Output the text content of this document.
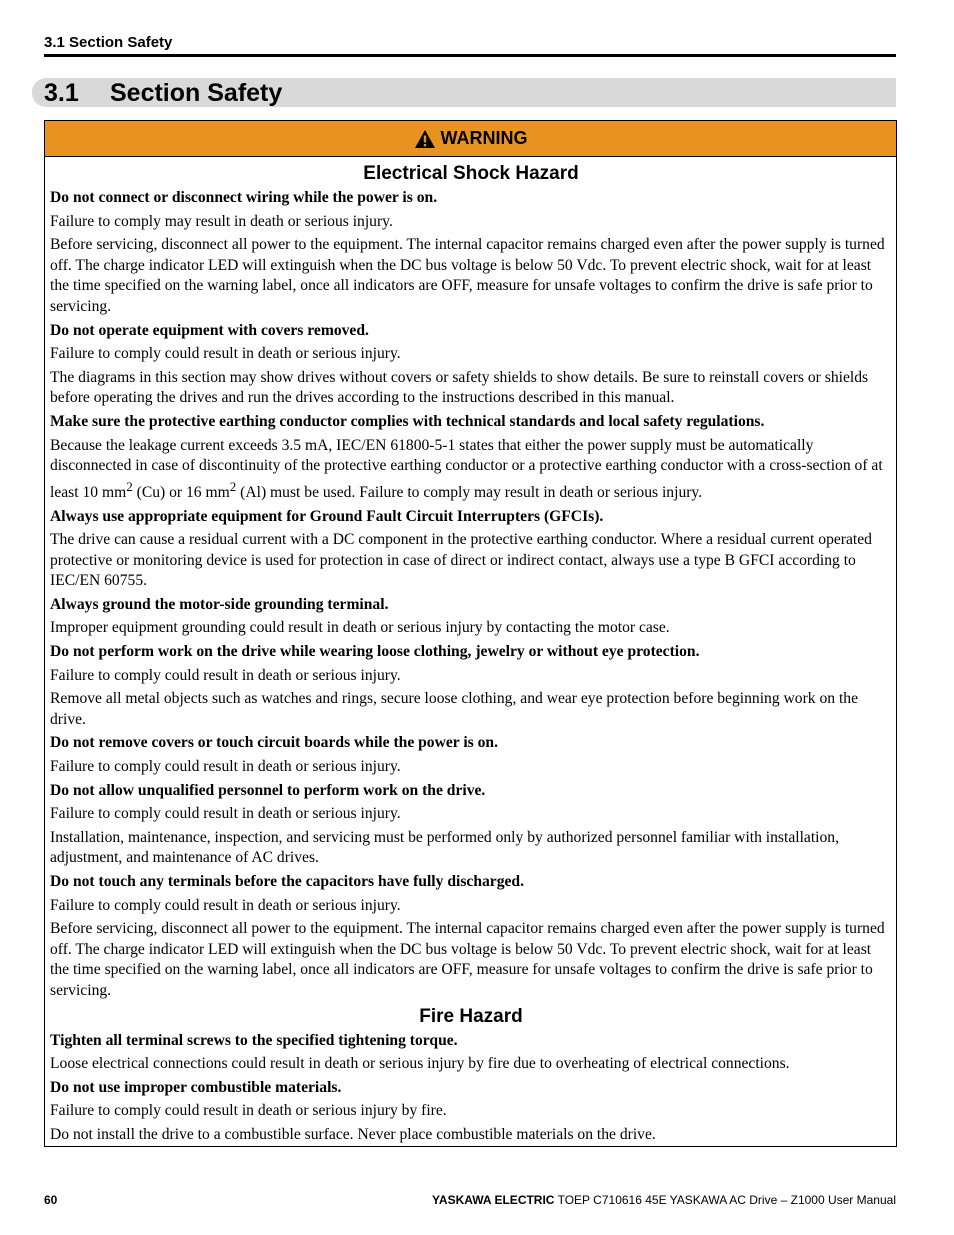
3.1 Section Safety
3.1 Section Safety
WARNING
Electrical Shock Hazard
Do not connect or disconnect wiring while the power is on.
Failure to comply may result in death or serious injury.
Before servicing, disconnect all power to the equipment. The internal capacitor remains charged even after the power supply is turned off. The charge indicator LED will extinguish when the DC bus voltage is below 50 Vdc. To prevent electric shock, wait for at least the time specified on the warning label, once all indicators are OFF, measure for unsafe voltages to confirm the drive is safe prior to servicing.
Do not operate equipment with covers removed.
Failure to comply could result in death or serious injury.
The diagrams in this section may show drives without covers or safety shields to show details. Be sure to reinstall covers or shields before operating the drives and run the drives according to the instructions described in this manual.
Make sure the protective earthing conductor complies with technical standards and local safety regulations.
Because the leakage current exceeds 3.5 mA, IEC/EN 61800-5-1 states that either the power supply must be automatically disconnected in case of discontinuity of the protective earthing conductor or a protective earthing conductor with a cross-section of at least 10 $mm^2$ (Cu) or 16 $mm^2$ (Al) must be used. Failure to comply may result in death or serious injury.
Always use appropriate equipment for Ground Fault Circuit Interrupters (GFCIs).
The drive can cause a residual current with a DC component in the protective earthing conductor. Where a residual current operated protective or monitoring device is used for protection in case of direct or indirect contact, always use a type B GFCI according to IEC/EN 60755.
Always ground the motor-side grounding terminal.
Improper equipment grounding could result in death or serious injury by contacting the motor case.
Do not perform work on the drive while wearing loose clothing, jewelry or without eye protection.
Failure to comply could result in death or serious injury.
Remove all metal objects such as watches and rings, secure loose clothing, and wear eye protection before beginning work on the drive.
Do not remove covers or touch circuit boards while the power is on.
Failure to comply could result in death or serious injury.
Do not allow unqualified personnel to perform work on the drive.
Failure to comply could result in death or serious injury.
Installation, maintenance, inspection, and servicing must be performed only by authorized personnel familiar with installation, adjustment, and maintenance of AC drives.
Do not touch any terminals before the capacitors have fully discharged.
Failure to comply could result in death or serious injury.
Before servicing, disconnect all power to the equipment. The internal capacitor remains charged even after the power supply is turned off. The charge indicator LED will extinguish when the DC bus voltage is below 50 Vdc. To prevent electric shock, wait for at least the time specified on the warning label, once all indicators are OFF, measure for unsafe voltages to confirm the drive is safe prior to servicing.
Fire Hazard
Tighten all terminal screws to the specified tightening torque.
Loose electrical connections could result in death or serious injury by fire due to overheating of electrical connections.
Do not use improper combustible materials.
Failure to comply could result in death or serious injury by fire.
Do not install the drive to a combustible surface. Never place combustible materials on the drive.
60	YASKAWA ELECTRIC TOEP C710616 45E YASKAWA AC Drive – Z1000 User Manual
